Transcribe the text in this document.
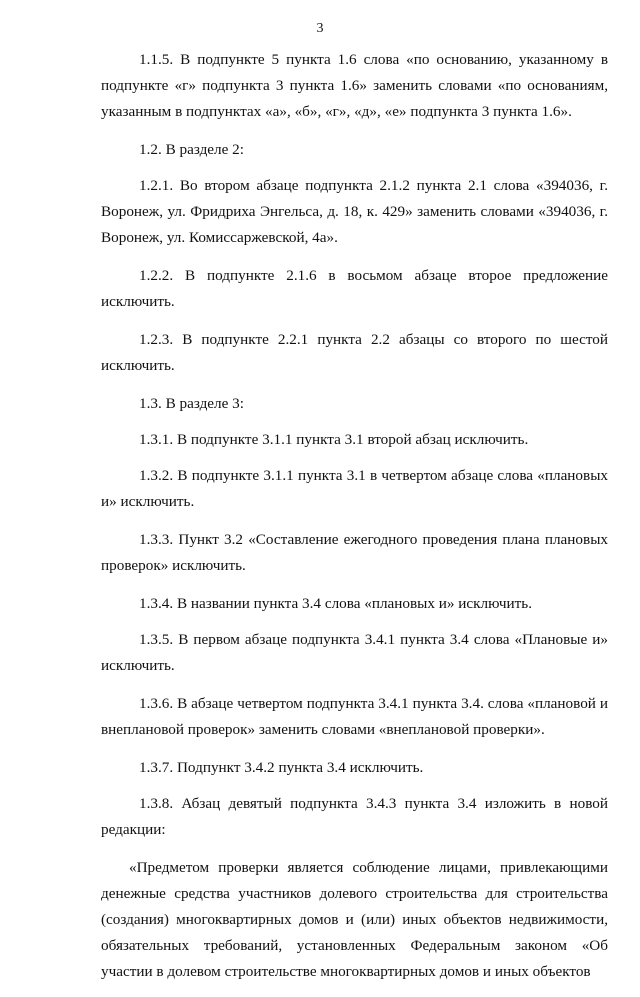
3

1.1.5. В подпункте 5 пункта 1.6 слова «по основанию, указанному в подпункте «г» подпункта 3 пункта 1.6» заменить словами «по основаниям, указанным в подпунктах «а», «б», «г», «д», «е» подпункта 3 пункта 1.6».

1.2. В разделе 2:

1.2.1. Во втором абзаце подпункта 2.1.2 пункта 2.1 слова «394036, г. Воронеж, ул. Фридриха Энгельса, д. 18, к. 429» заменить словами «394036, г. Воронеж, ул. Комиссаржевской, 4а».

1.2.2. В подпункте 2.1.6 в восьмом абзаце второе предложение исключить.

1.2.3. В подпункте 2.2.1 пункта 2.2 абзацы со второго по шестой исключить.

1.3. В разделе 3:

1.3.1. В подпункте 3.1.1 пункта 3.1 второй абзац исключить.

1.3.2. В подпункте 3.1.1 пункта 3.1 в четвертом абзаце слова «плановых и» исключить.

1.3.3. Пункт 3.2 «Составление ежегодного проведения плана плановых проверок» исключить.

1.3.4. В названии пункта 3.4 слова «плановых и» исключить.

1.3.5. В первом абзаце подпункта 3.4.1 пункта 3.4 слова «Плановые и» исключить.

1.3.6. В абзаце четвертом подпункта 3.4.1 пункта 3.4. слова «плановой и внеплановой проверок» заменить словами «внеплановой проверки».

1.3.7. Подпункт 3.4.2 пункта 3.4 исключить.

1.3.8. Абзац девятый подпункта 3.4.3 пункта 3.4 изложить в новой редакции:

«Предметом проверки является соблюдение лицами, привлекающими денежные средства участников долевого строительства для строительства (создания) многоквартирных домов и (или) иных объектов недвижимости, обязательных требований, установленных Федеральным законом «Об участии в долевом строительстве многоквартирных домов и иных объектов
